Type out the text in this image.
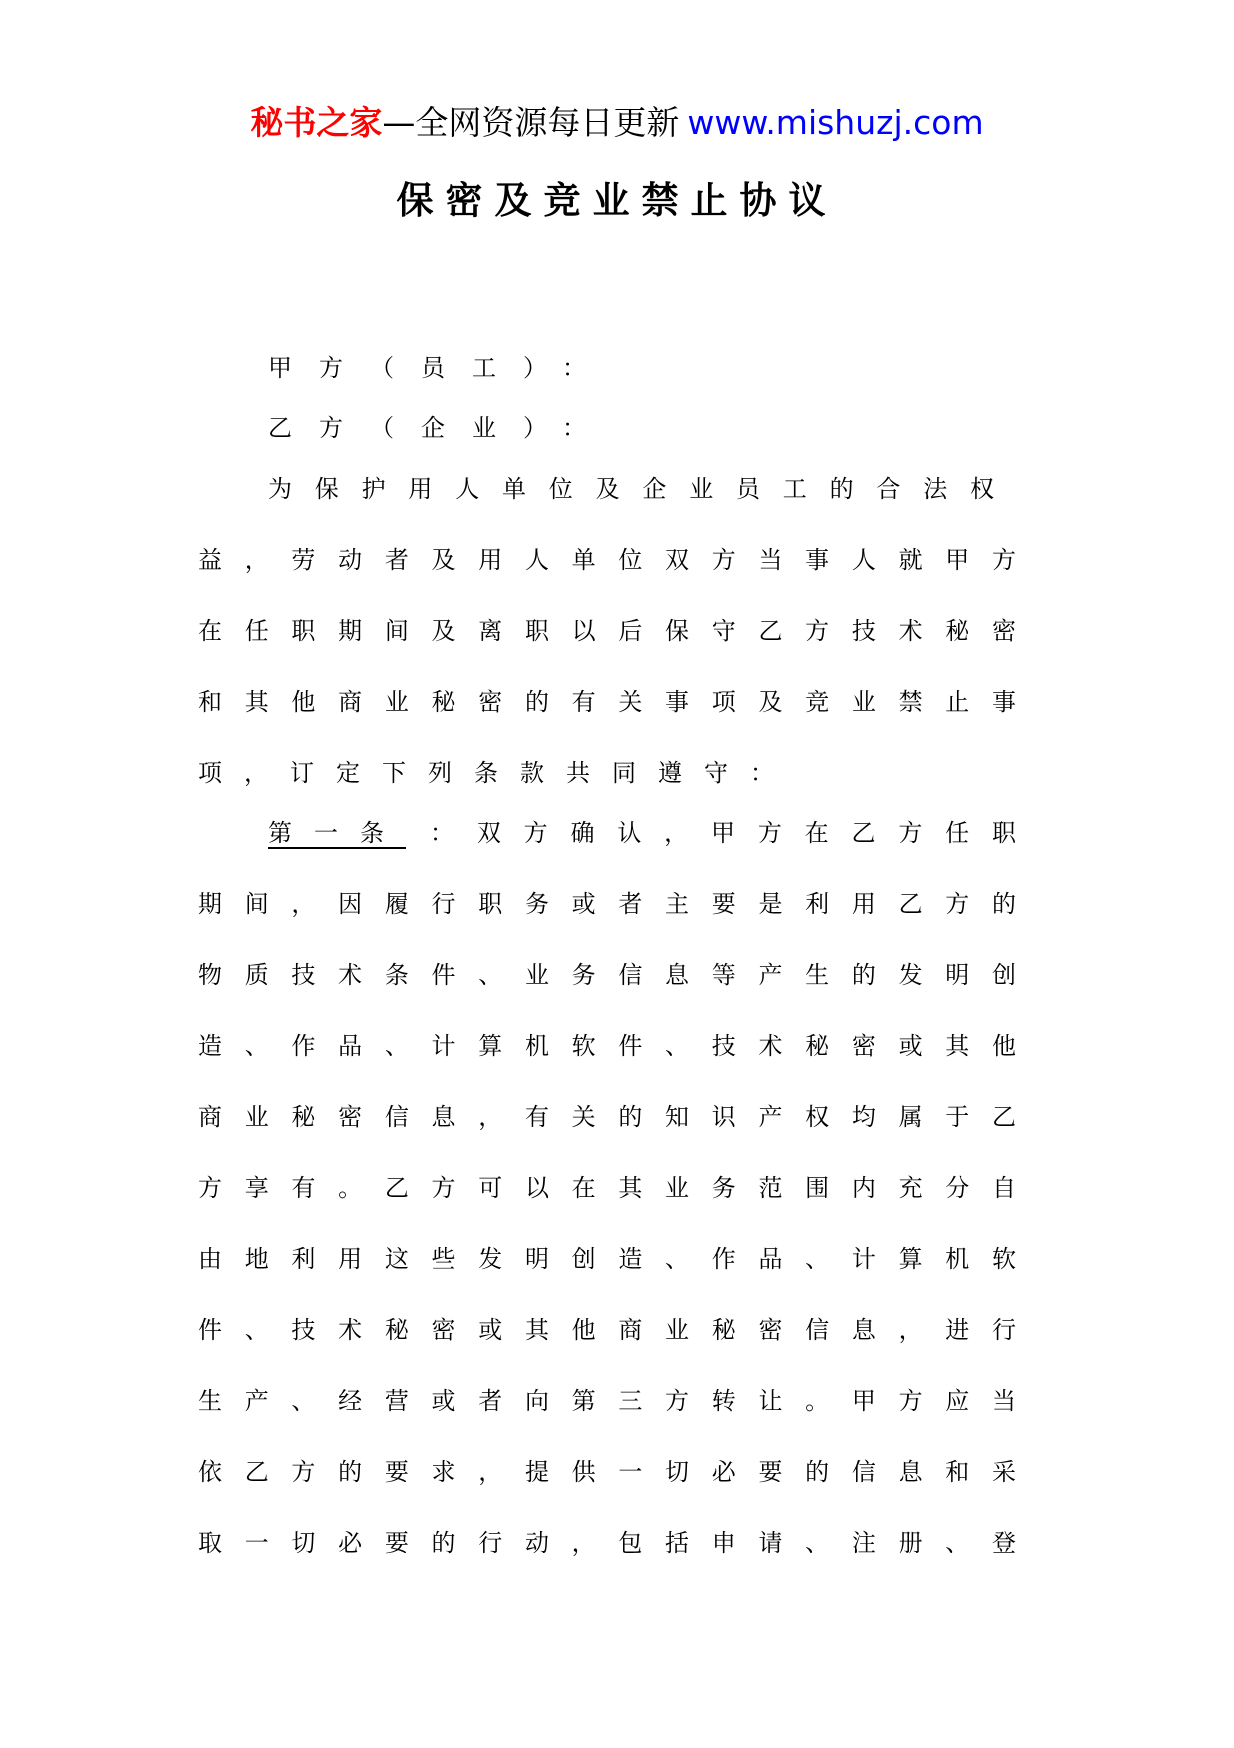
秘书之家—全网资源每日更新 www.mishuzj.com
保密及竞业禁止协议
甲方（员工）：
乙方（企业）：
为保护用人单位及企业员工的合法权
益，劳动者及用人单位双方当事人就甲方
在任职期间及离职以后保守乙方技术秘密
和其他商业秘密的有关事项及竞业禁止事
项，订定下列条款共同遵守：
第一条	：双方确认，甲方在乙方任职
期间，因履行职务或者主要是利用乙方的
物质技术条件、业务信息等产生的发明创
造、作品、计算机软件、技术秘密或其他
商业秘密信息，有关的知识产权均属于乙
方享有。乙方可以在其业务范围内充分自
由地利用这些发明创造、作品、计算机软
件、技术秘密或其他商业秘密信息，进行
生产、经营或者向第三方转让。甲方应当
依乙方的要求，提供一切必要的信息和采
取一切必要的行动，包括申请、注册、登
